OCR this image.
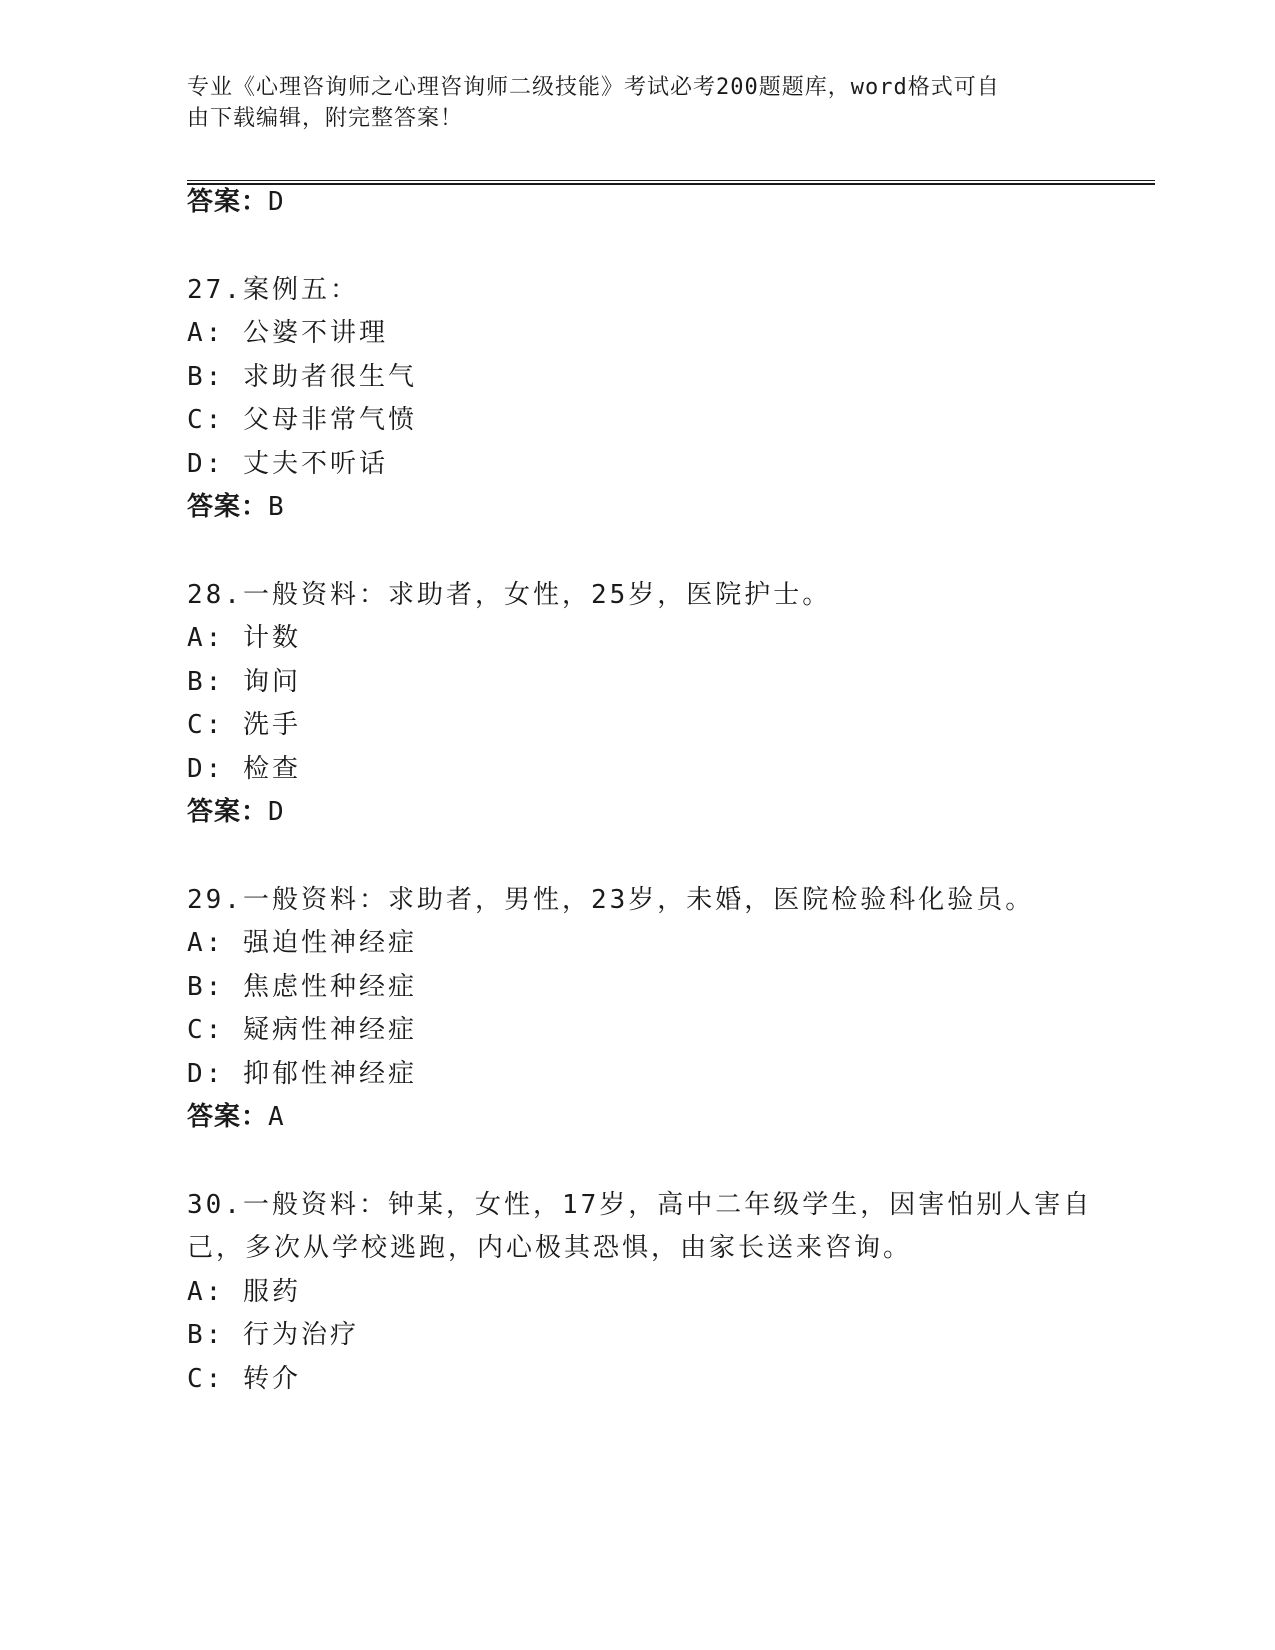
专业《心理咨询师之心理咨询师二级技能》考试必考200题题库，word格式可自
由下载编辑，附完整答案！
答案：D
27.案例五：
A: 公婆不讲理
B: 求助者很生气
C: 父母非常气愤
D: 丈夫不听话
答案：B
28.一般资料：求助者，女性，25岁，医院护士。
A: 计数
B: 询问
C: 洗手
D: 检查
答案：D
29.一般资料：求助者，男性，23岁，未婚，医院检验科化验员。
A: 强迫性神经症
B: 焦虑性种经症
C: 疑病性神经症
D: 抑郁性神经症
答案：A
30.一般资料：钟某，女性，17岁，高中二年级学生，因害怕别人害自
己，多次从学校逃跑，内心极其恐惧，由家长送来咨询。
A: 服药
B: 行为治疗
C: 转介
